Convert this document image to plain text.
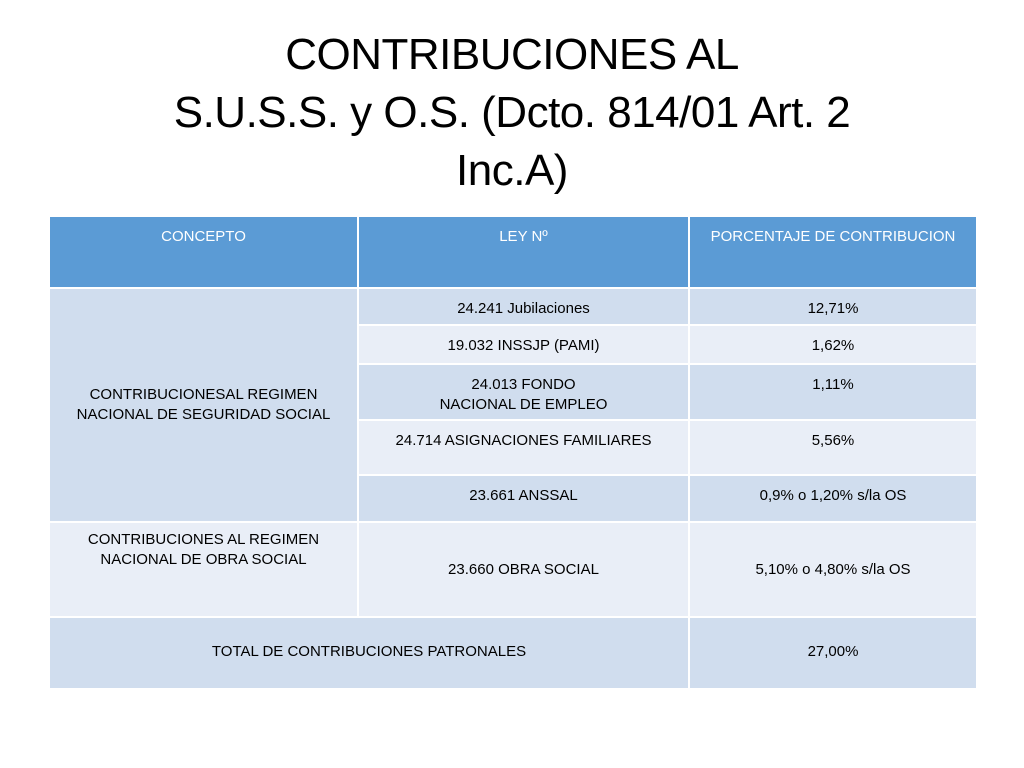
CONTRIBUCIONES AL
S.U.S.S. y O.S. (Dcto. 814/01 Art. 2
Inc.A)
CONCEPTO	LEY Nº	PORCENTAJE DE CONTRIBUCION
CONTRIBUCIONESAL REGIMEN
NACIONAL DE SEGURIDAD SOCIAL	24.241 Jubilaciones	12,71%
	19.032 INSSJP (PAMI)	1,62%
	24.013 FONDO
NACIONAL DE EMPLEO	1,11%
	24.714 ASIGNACIONES FAMILIARES	5,56%
	23.661 ANSSAL	0,9% o 1,20% s/la OS
CONTRIBUCIONES AL REGIMEN
NACIONAL DE OBRA SOCIAL	23.660 OBRA SOCIAL	5,10% o 4,80% s/la OS
TOTAL DE CONTRIBUCIONES PATRONALES		27,00%
